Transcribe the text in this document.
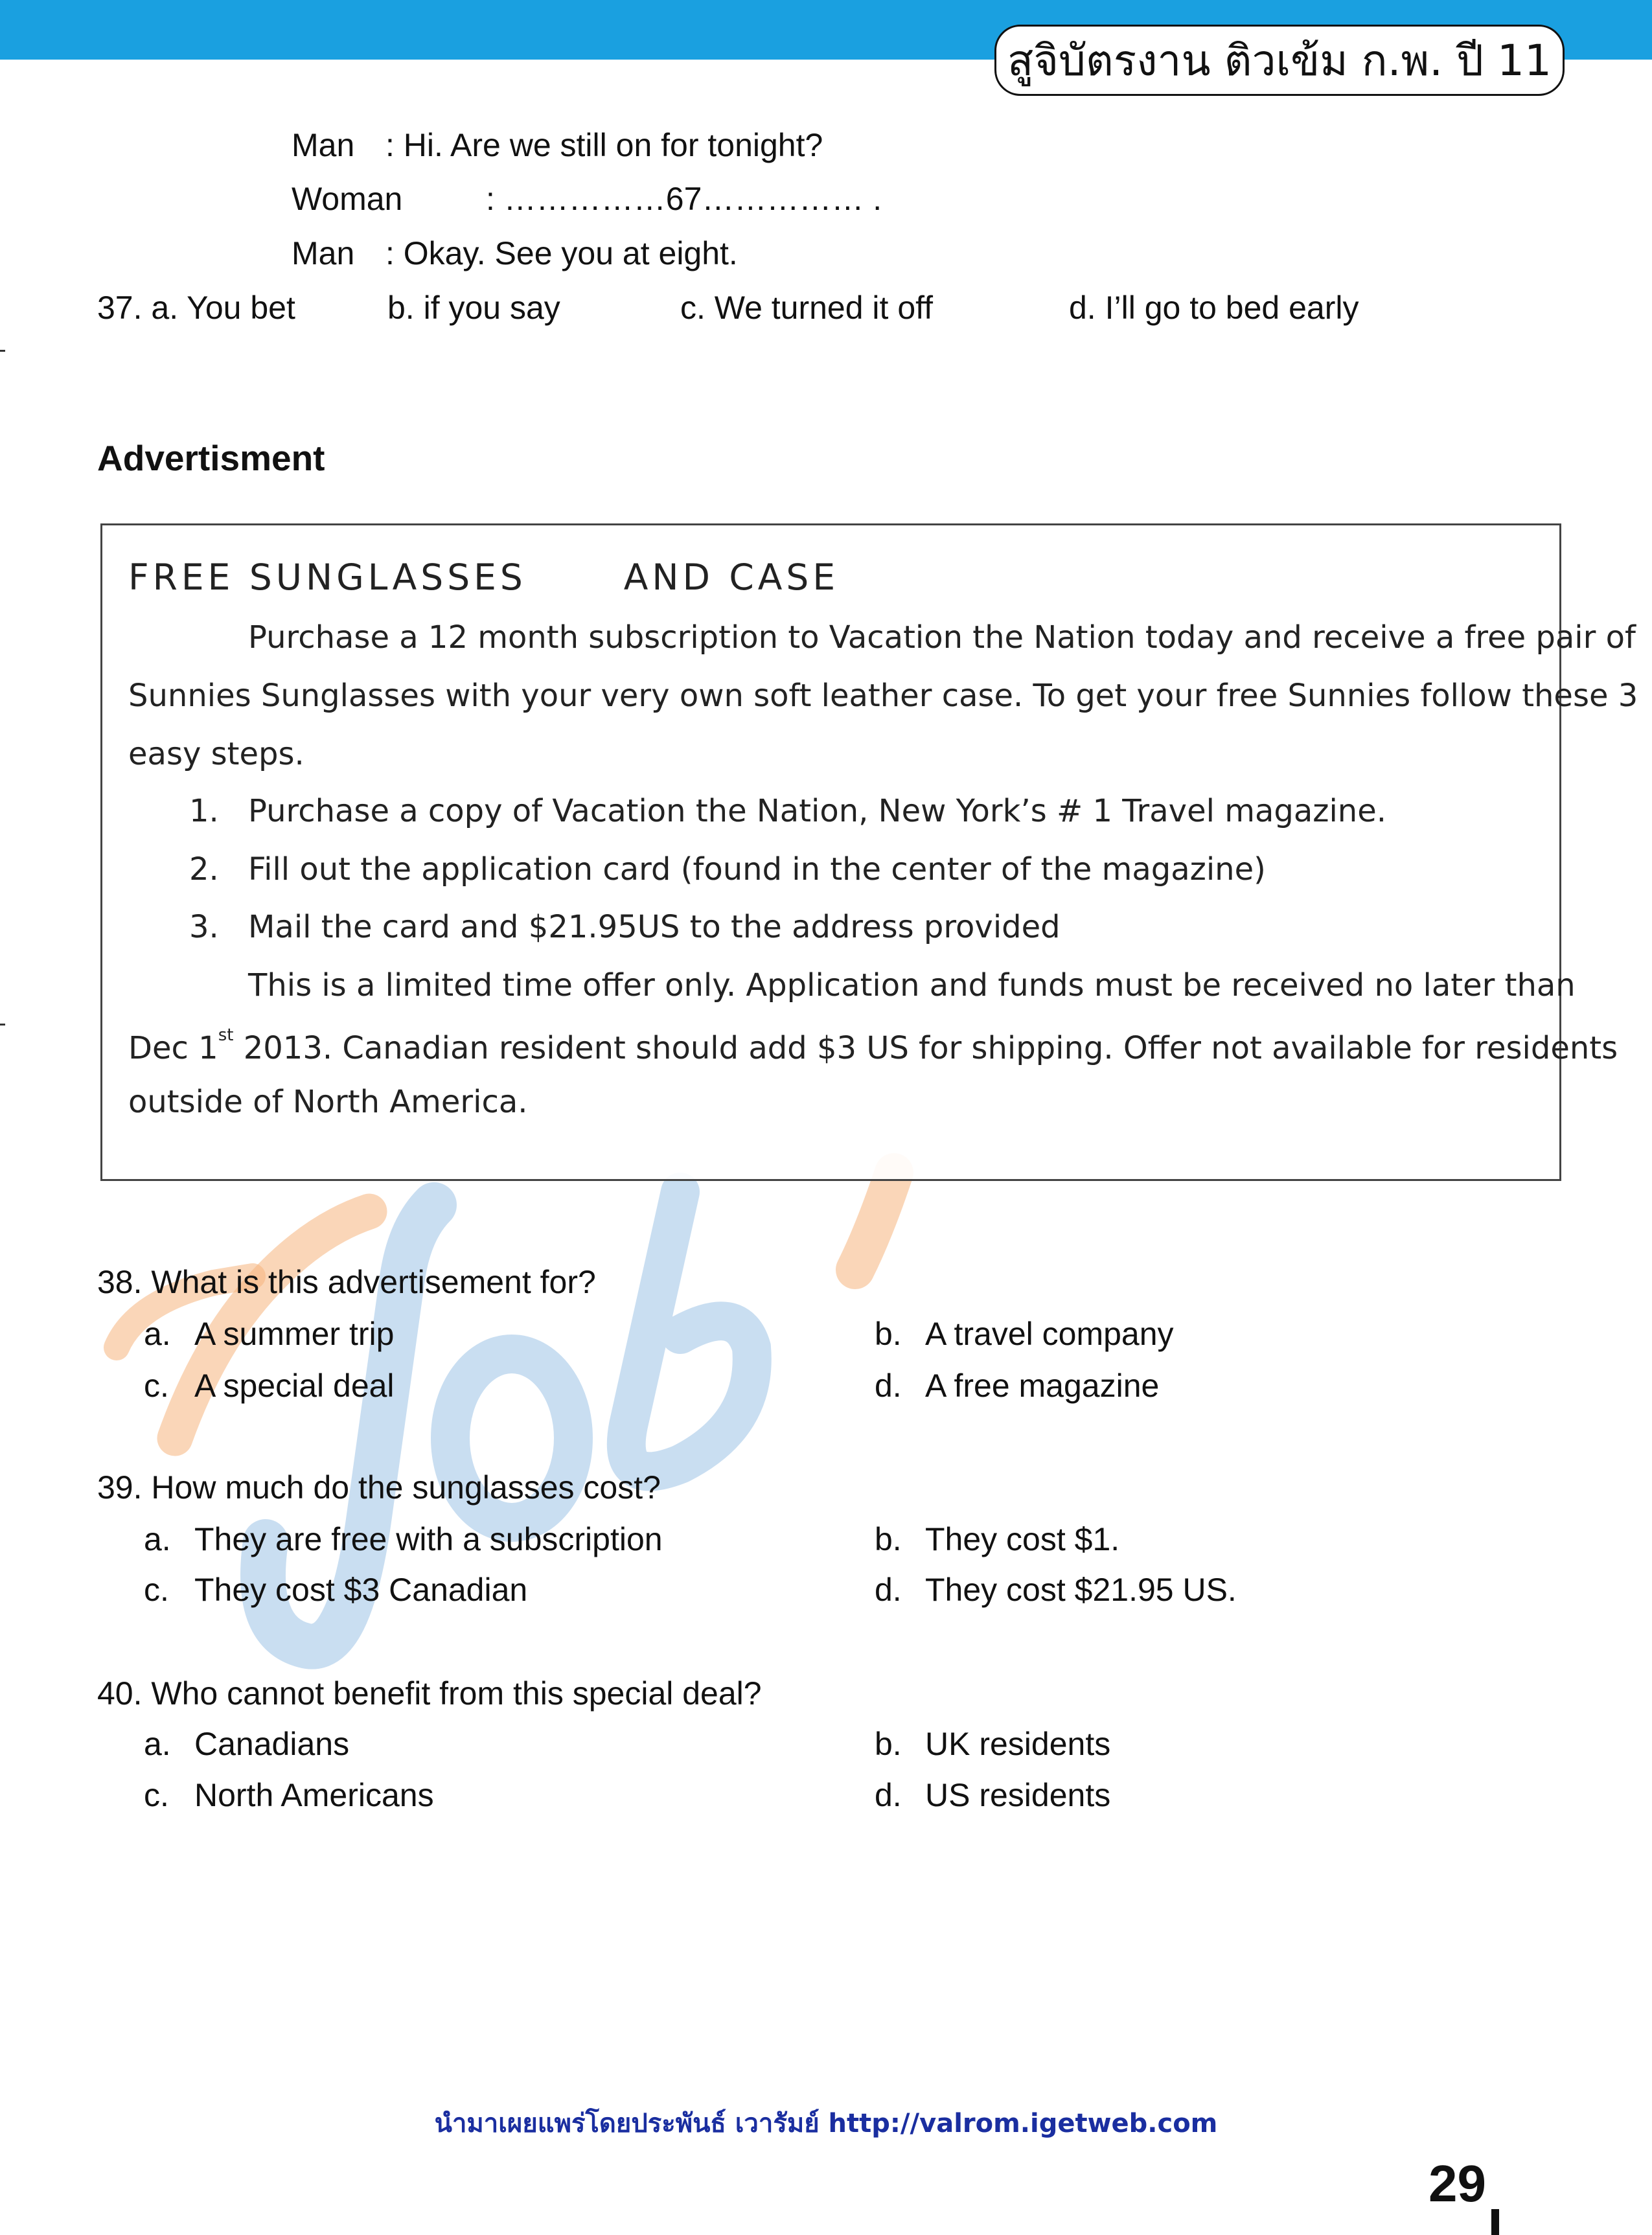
สูจิบัตรงาน ติวเข้ม ก.พ. ปี 11
Man : Hi. Are we still on for tonight?
Woman	: ……………67…………… .
Man : Okay. See you at eight.
37. a. You bet	b. if you say	c. We turned it off	d. I’ll go to bed early
Advertisment
FREE SUNGLASSES	AND CASE
Purchase a 12 month subscription to Vacation the Nation today and receive a free pair of
Sunnies Sunglasses with your very own soft leather case. To get your free Sunnies follow these 3
easy steps.
1. Purchase a copy of Vacation the Nation, New York’s # 1 Travel magazine.
2. Fill out the application card (found in the center of the magazine)
3. Mail the card and $21.95US to the address provided
This is a limited time offer only. Application and funds must be received no later than
Dec 1st 2013. Canadian resident should add $3 US for shipping. Offer not available for residents
outside of North America.
38. What is this advertisement for?
a. A summer trip	b. A travel company
c. A special deal	d. A free magazine
39. How much do the sunglasses cost?
a. They are free with a subscription	b. They cost $1.
c. They cost $3 Canadian	d. They cost $21.95 US.
40. Who cannot benefit from this special deal?
a. Canadians	b. UK residents
c. North Americans	d. US residents
นำมาเผยแพร่โดยประพันธ์ เวารัมย์ http://valrom.igetweb.com
29
